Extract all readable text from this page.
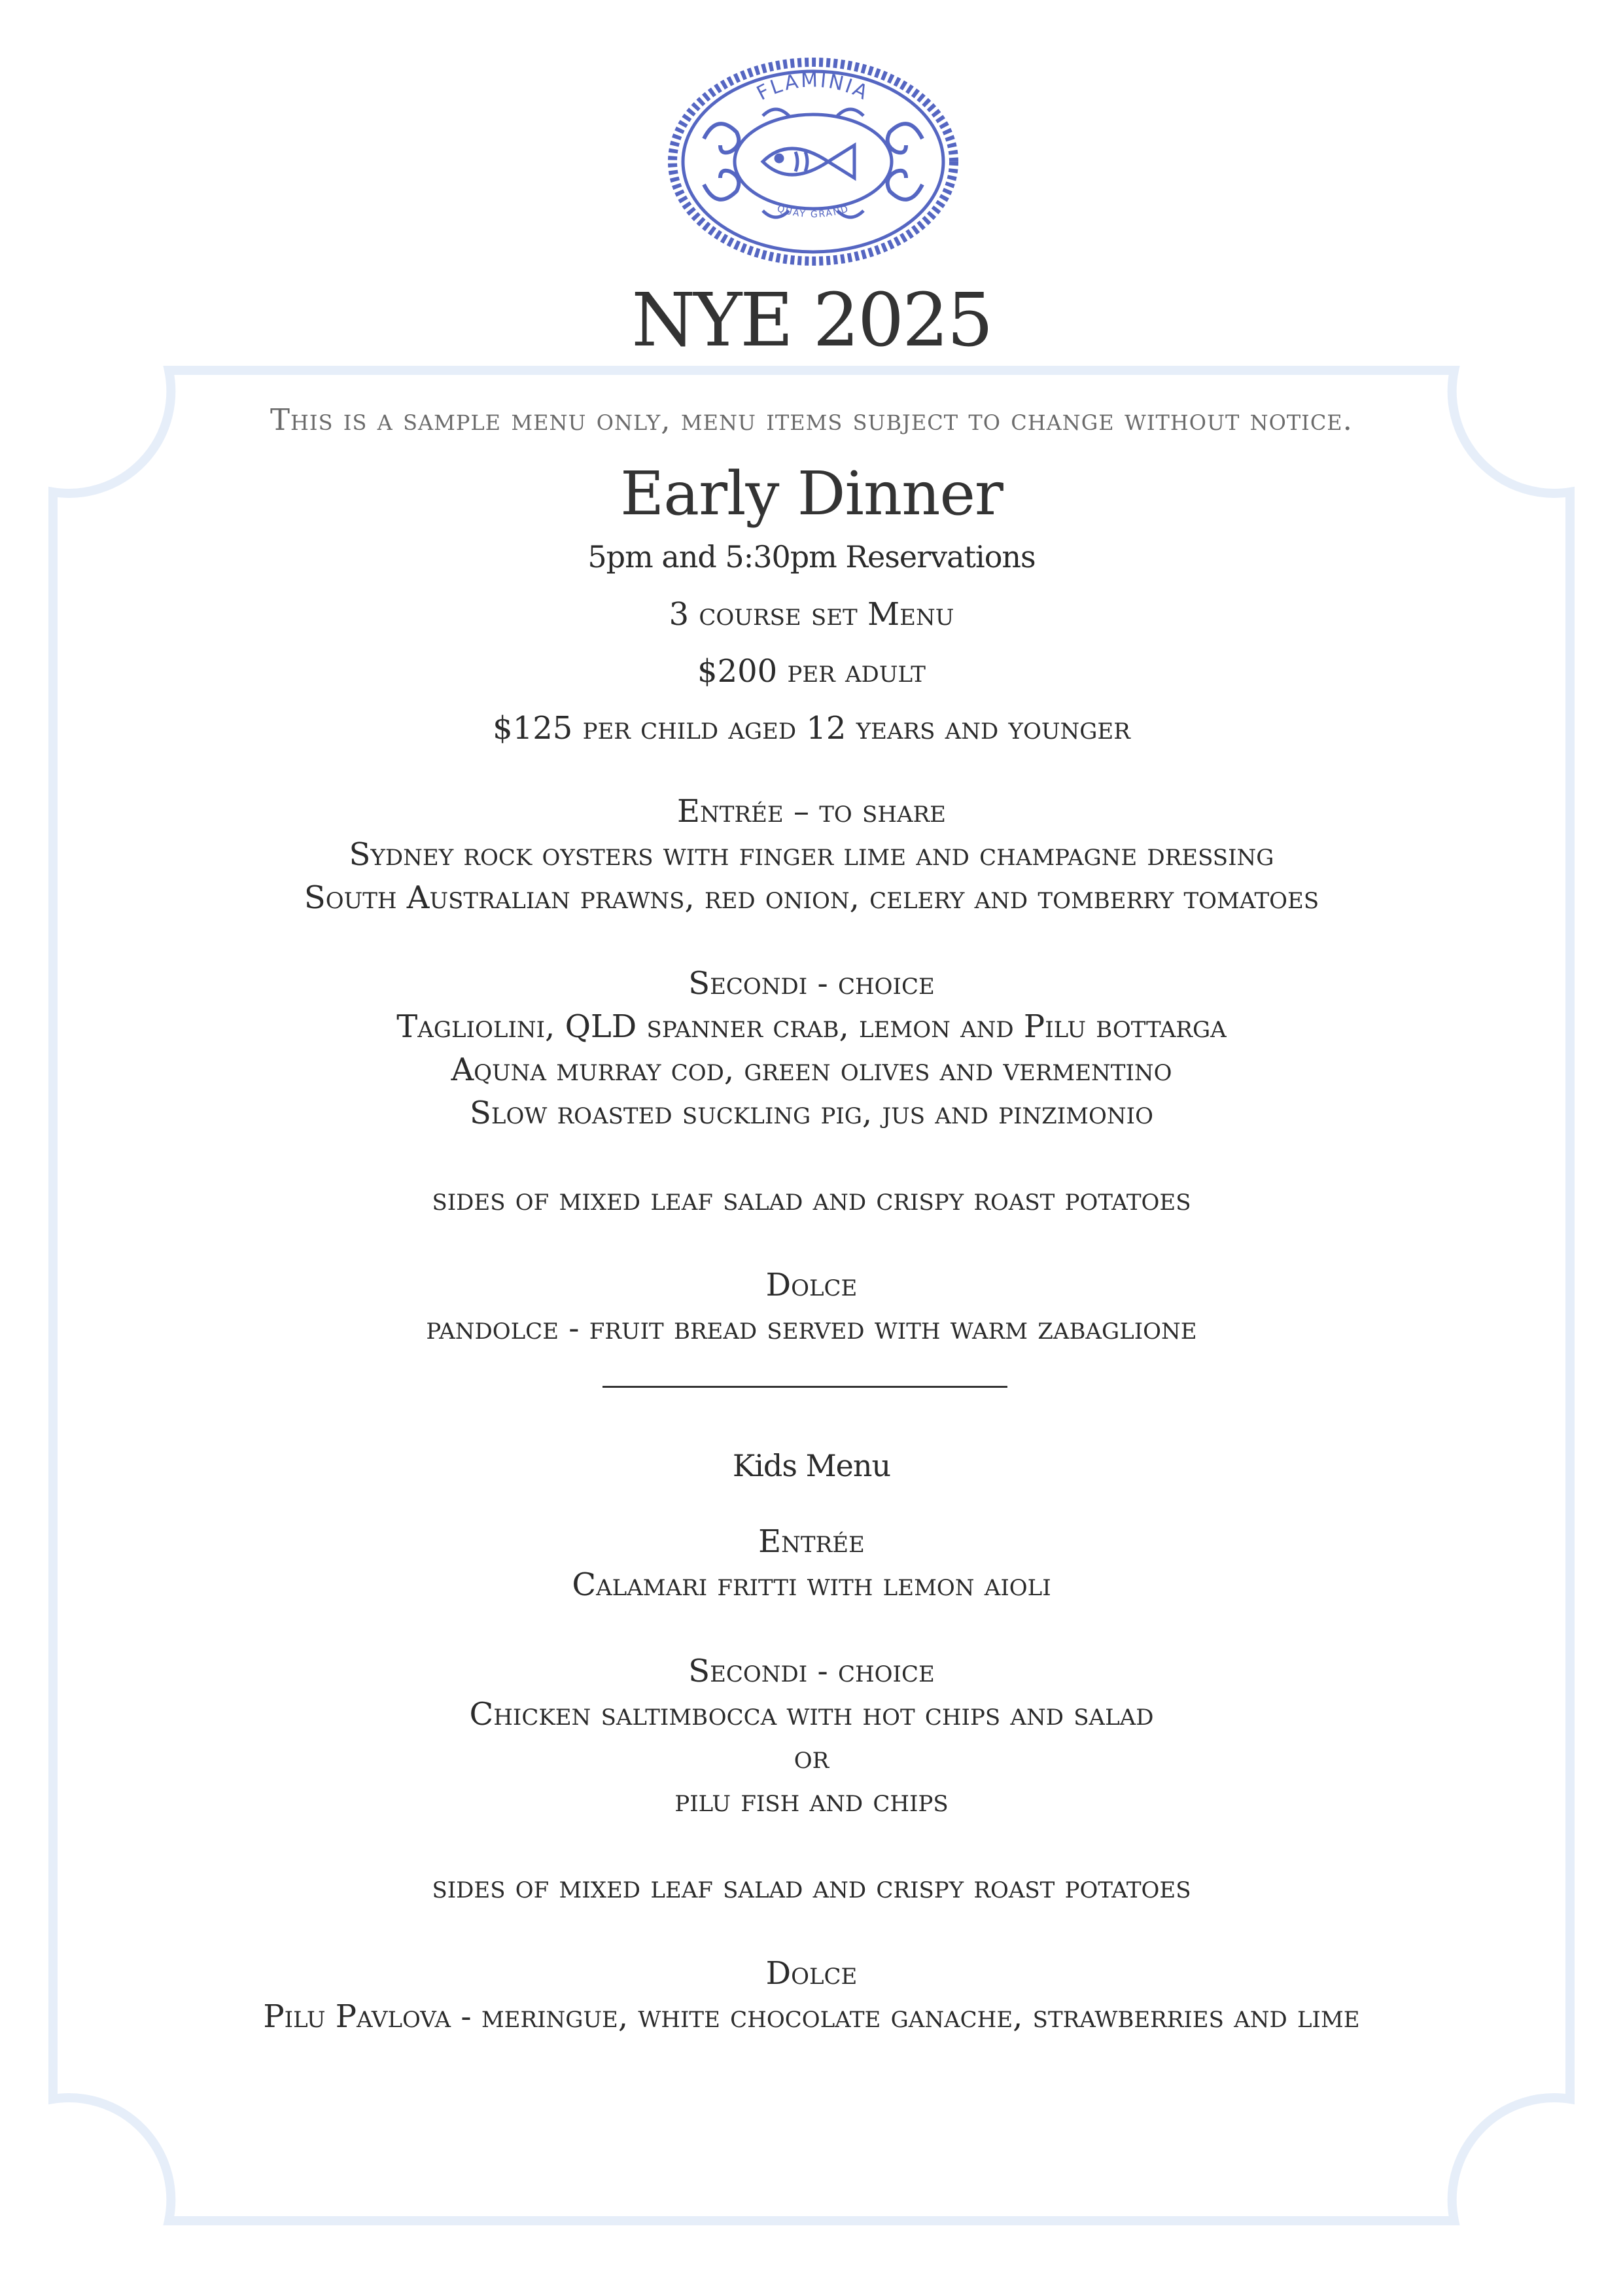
FLAMINIA
QUAY GRAND
NYE 2025
This is a sample menu only, menu items subject to change without notice.
Early Dinner
5pm and 5:30pm Reservations
3 course set Menu
$200 per adult
$125 per child aged 12 years and younger
Entrée – to share
Sydney rock oysters with finger lime and champagne dressing
South Australian prawns, red onion, celery and tomberry tomatoes
Secondi - choice
Tagliolini, QLD spanner crab, lemon and Pilu bottarga
Aquna murray cod, green olives and vermentino
Slow roasted suckling pig, jus and pinzimonio
sides of mixed leaf salad and crispy roast potatoes
Dolce
pandolce - fruit bread served with warm zabaglione
Kids Menu
Entrée
Calamari fritti with lemon aioli
Secondi - choice
Chicken saltimbocca with hot chips and salad
or
pilu fish and chips
sides of mixed leaf salad and crispy roast potatoes
Dolce
Pilu Pavlova - meringue, white chocolate ganache, strawberries and lime
